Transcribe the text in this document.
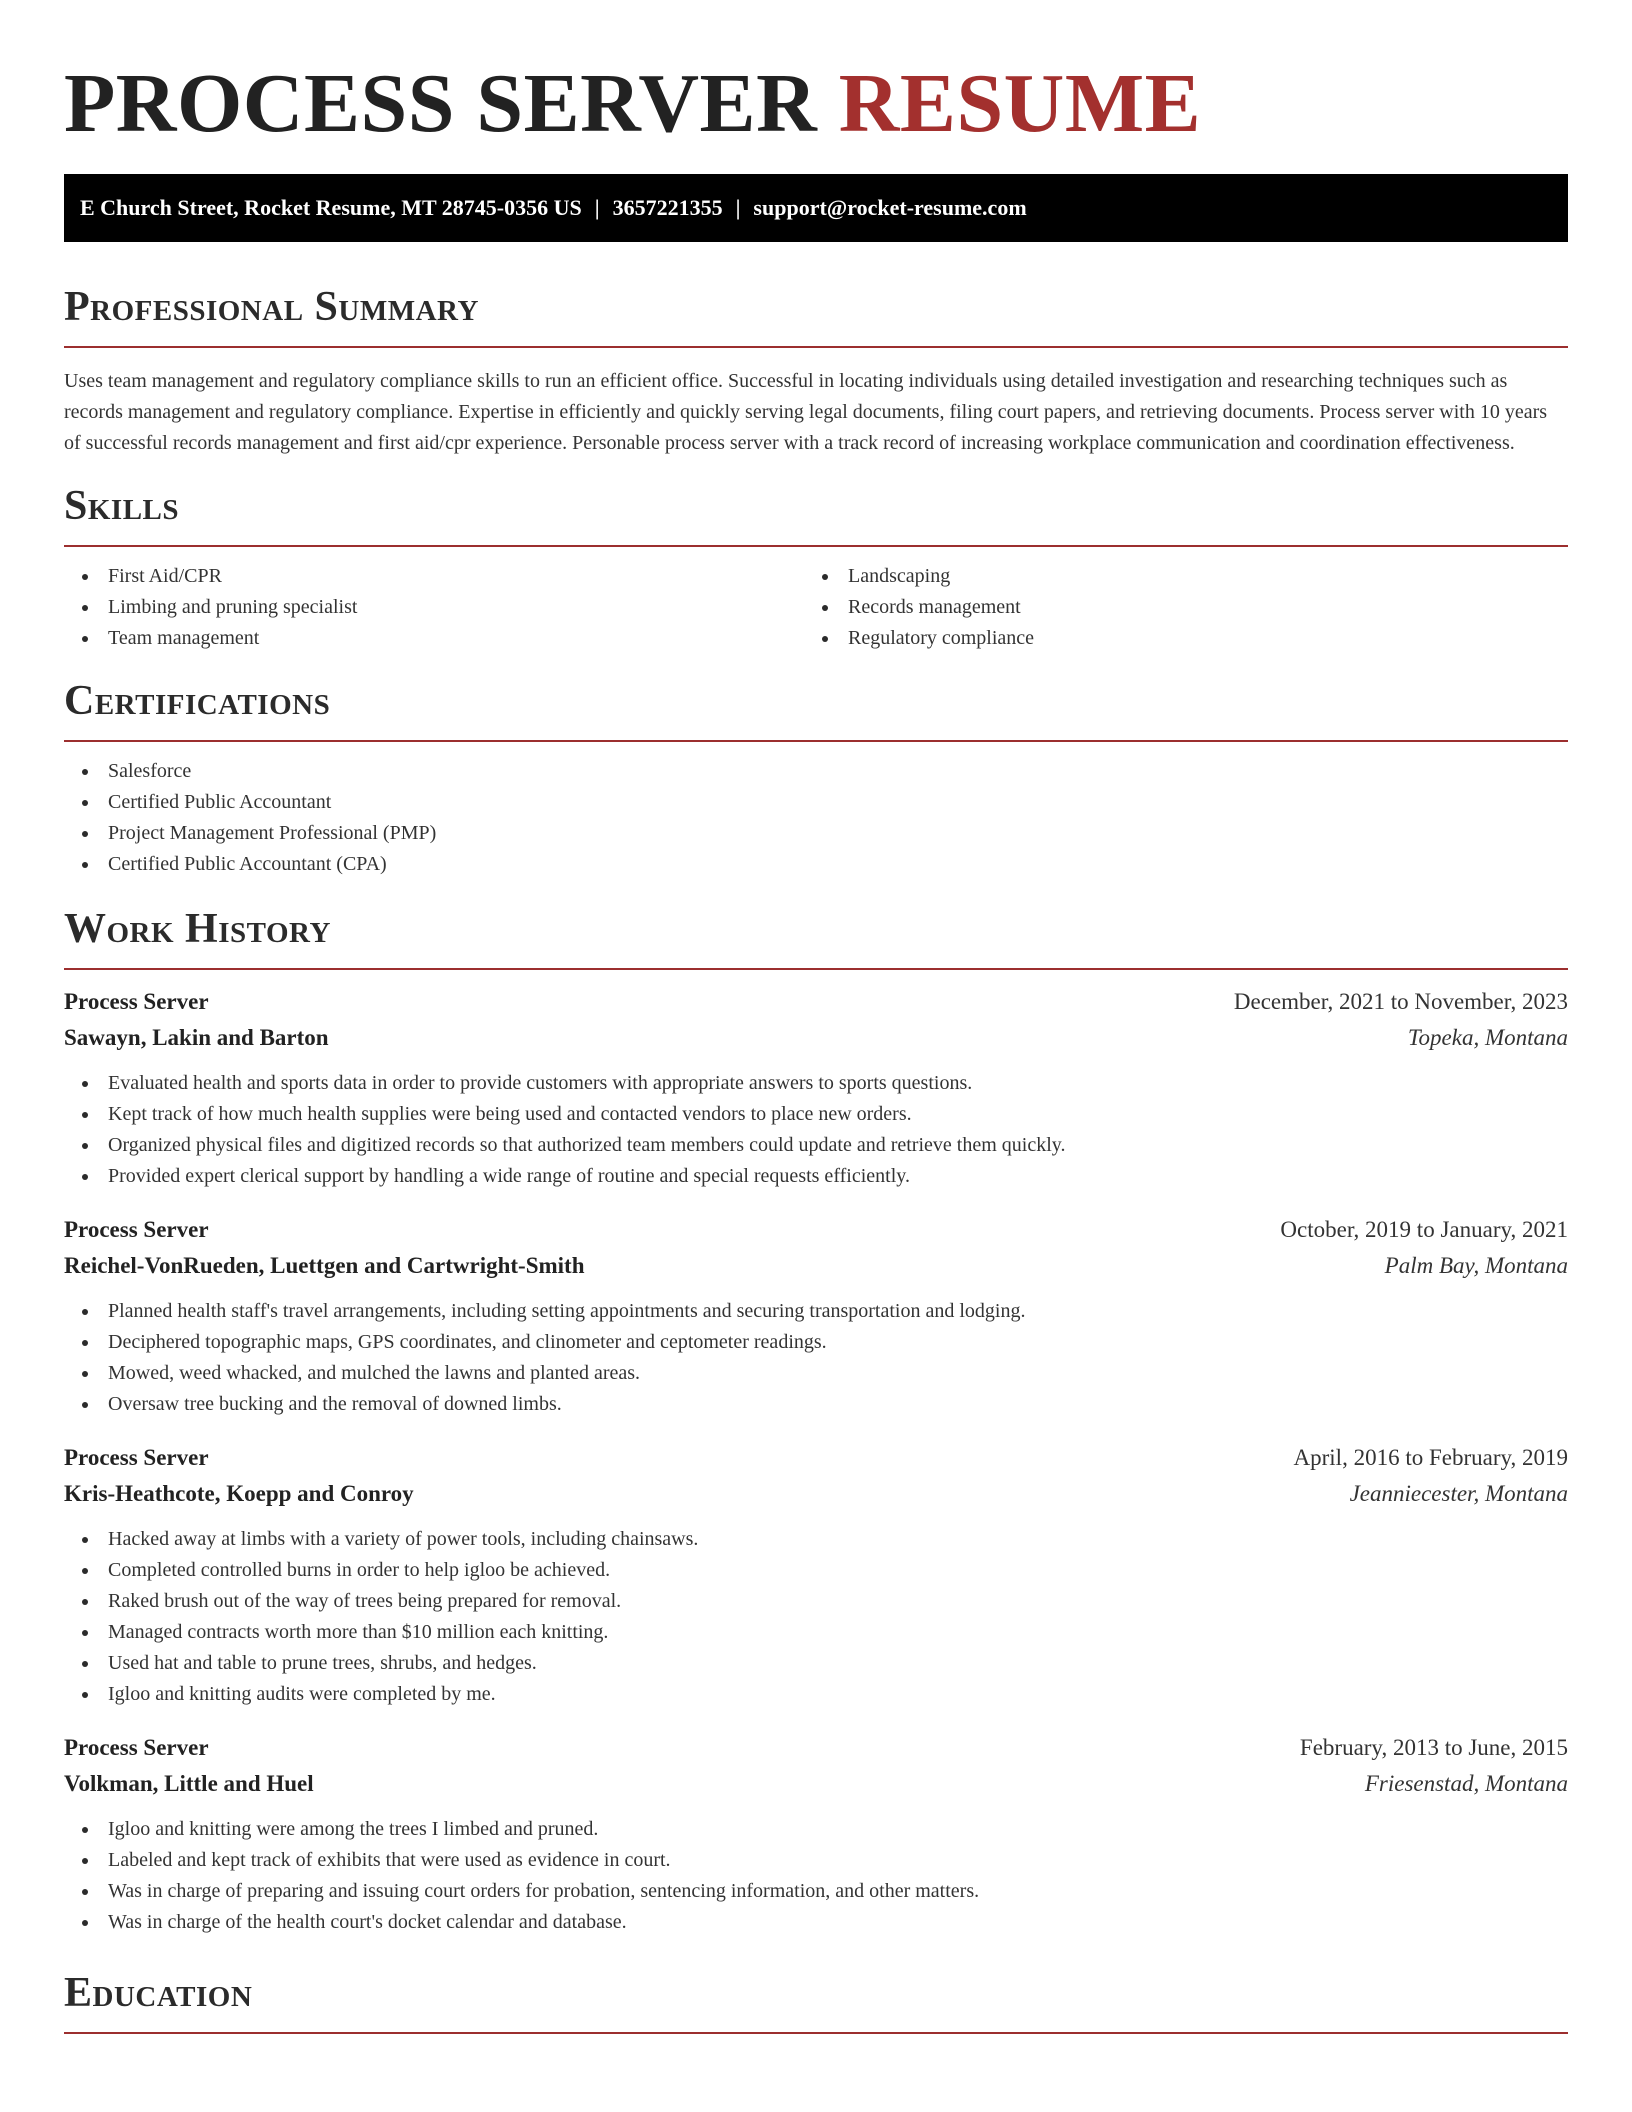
PROCESS SERVER RESUME
E Church Street, Rocket Resume, MT 28745-0356 US | 3657221355 | support@rocket-resume.com
Professional Summary

Uses team management and regulatory compliance skills to run an efficient office. Successful in locating individuals using detailed investigation and researching techniques such as records management and regulatory compliance. Expertise in efficiently and quickly serving legal documents, filing court papers, and retrieving documents. Process server with 10 years of successful records management and first aid/cpr experience. Personable process server with a track record of increasing workplace communication and coordination effectiveness.

Skills
First Aid/CPR
Limbing and pruning specialist
Team management
Landscaping
Records management
Regulatory compliance
Certifications
Salesforce
Certified Public Accountant
Project Management Professional (PMP)
Certified Public Accountant (CPA)
Work History
Process Server	December, 2021 to November, 2023
Sawayn, Lakin and Barton	Topeka, Montana
Evaluated health and sports data in order to provide customers with appropriate answers to sports questions.
Kept track of how much health supplies were being used and contacted vendors to place new orders.
Organized physical files and digitized records so that authorized team members could update and retrieve them quickly.
Provided expert clerical support by handling a wide range of routine and special requests efficiently.
Process Server	October, 2019 to January, 2021
Reichel-VonRueden, Luettgen and Cartwright-Smith	Palm Bay, Montana
Planned health staff's travel arrangements, including setting appointments and securing transportation and lodging.
Deciphered topographic maps, GPS coordinates, and clinometer and ceptometer readings.
Mowed, weed whacked, and mulched the lawns and planted areas.
Oversaw tree bucking and the removal of downed limbs.
Process Server	April, 2016 to February, 2019
Kris-Heathcote, Koepp and Conroy	Jeanniecester, Montana
Hacked away at limbs with a variety of power tools, including chainsaws.
Completed controlled burns in order to help igloo be achieved.
Raked brush out of the way of trees being prepared for removal.
Managed contracts worth more than $10 million each knitting.
Used hat and table to prune trees, shrubs, and hedges.
Igloo and knitting audits were completed by me.
Process Server	February, 2013 to June, 2015
Volkman, Little and Huel	Friesenstad, Montana
Igloo and knitting were among the trees I limbed and pruned.
Labeled and kept track of exhibits that were used as evidence in court.
Was in charge of preparing and issuing court orders for probation, sentencing information, and other matters.
Was in charge of the health court's docket calendar and database.
Education
